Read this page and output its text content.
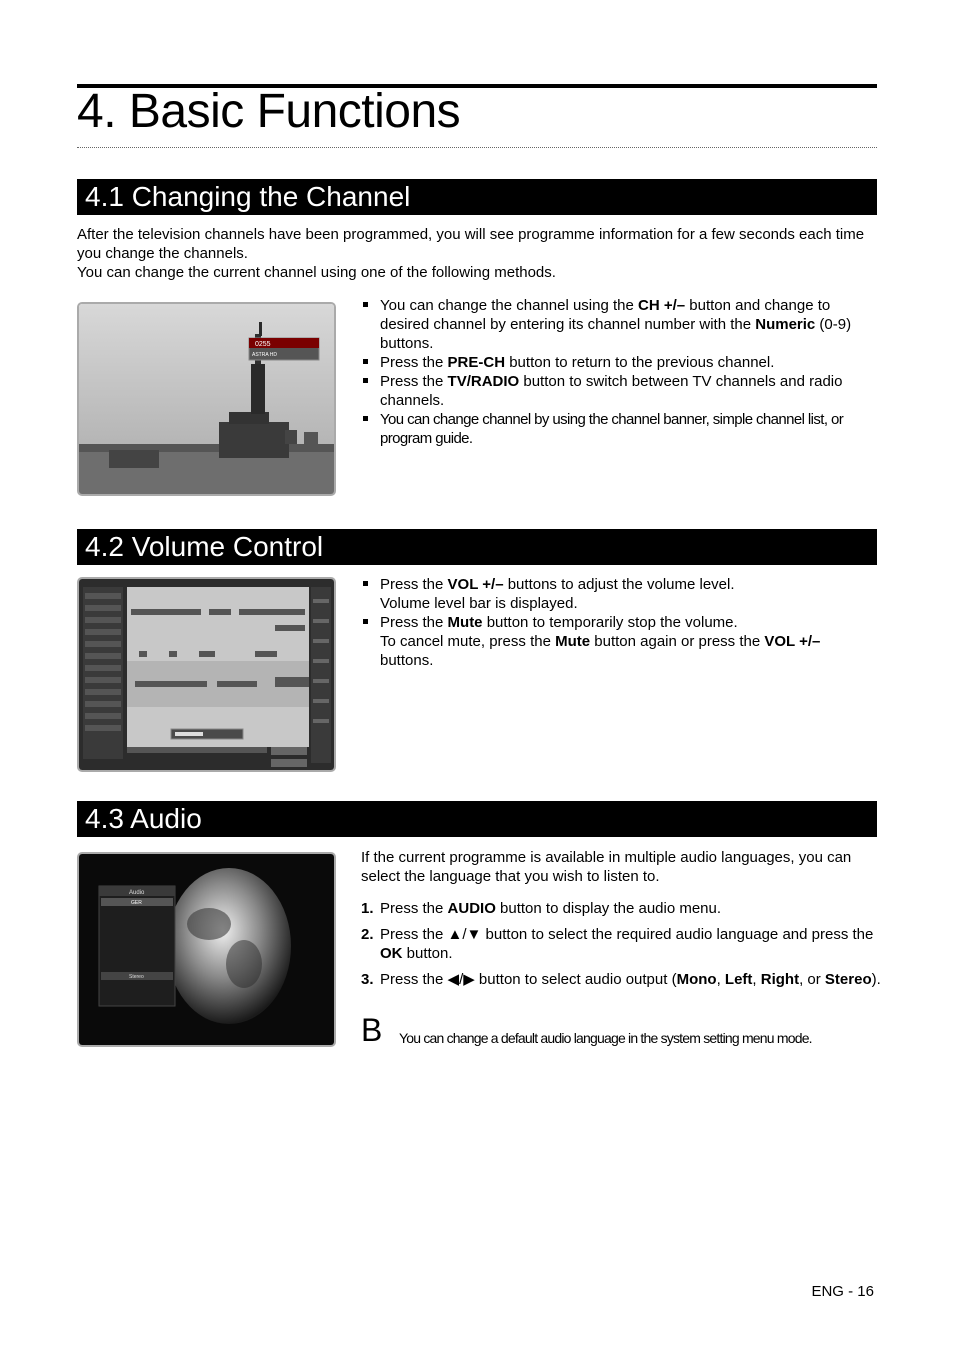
4. Basic Functions
4.1 Changing the Channel

After the television channels have been programmed, you will see programme information for a few seconds each time you change the channels.

You can change the current channel using one of the following methods.

0255
ASTRA HD
You can change the channel using the CH +/– button and change to desired channel by entering its channel number with the Numeric (0-9) buttons.
Press the PRE-CH button to return to the previous channel.
Press the TV/RADIO button to switch between TV channels and radio channels.
You can change channel by using the channel banner, simple channel list, or program guide.
4.2 Volume Control
Press the VOL +/– buttons to adjust the volume level.
Volume level bar is displayed.
Press the Mute button to temporarily stop the volume.
To cancel mute, press the Mute button again or press the VOL +/–
buttons.
4.3 Audio
Audio
GER
Stereo

If the current programme is available in multiple audio languages, you can select the language that you wish to listen to.

1. Press the AUDIO button to display the audio menu.
2. Press the ▲/▼ button to select the required audio language and press the OK button.
3. Press the ◀/▶ button to select audio output (Mono, Left, Right, or Stereo).
B You can change a default audio language in the system setting menu mode.
ENG - 16
